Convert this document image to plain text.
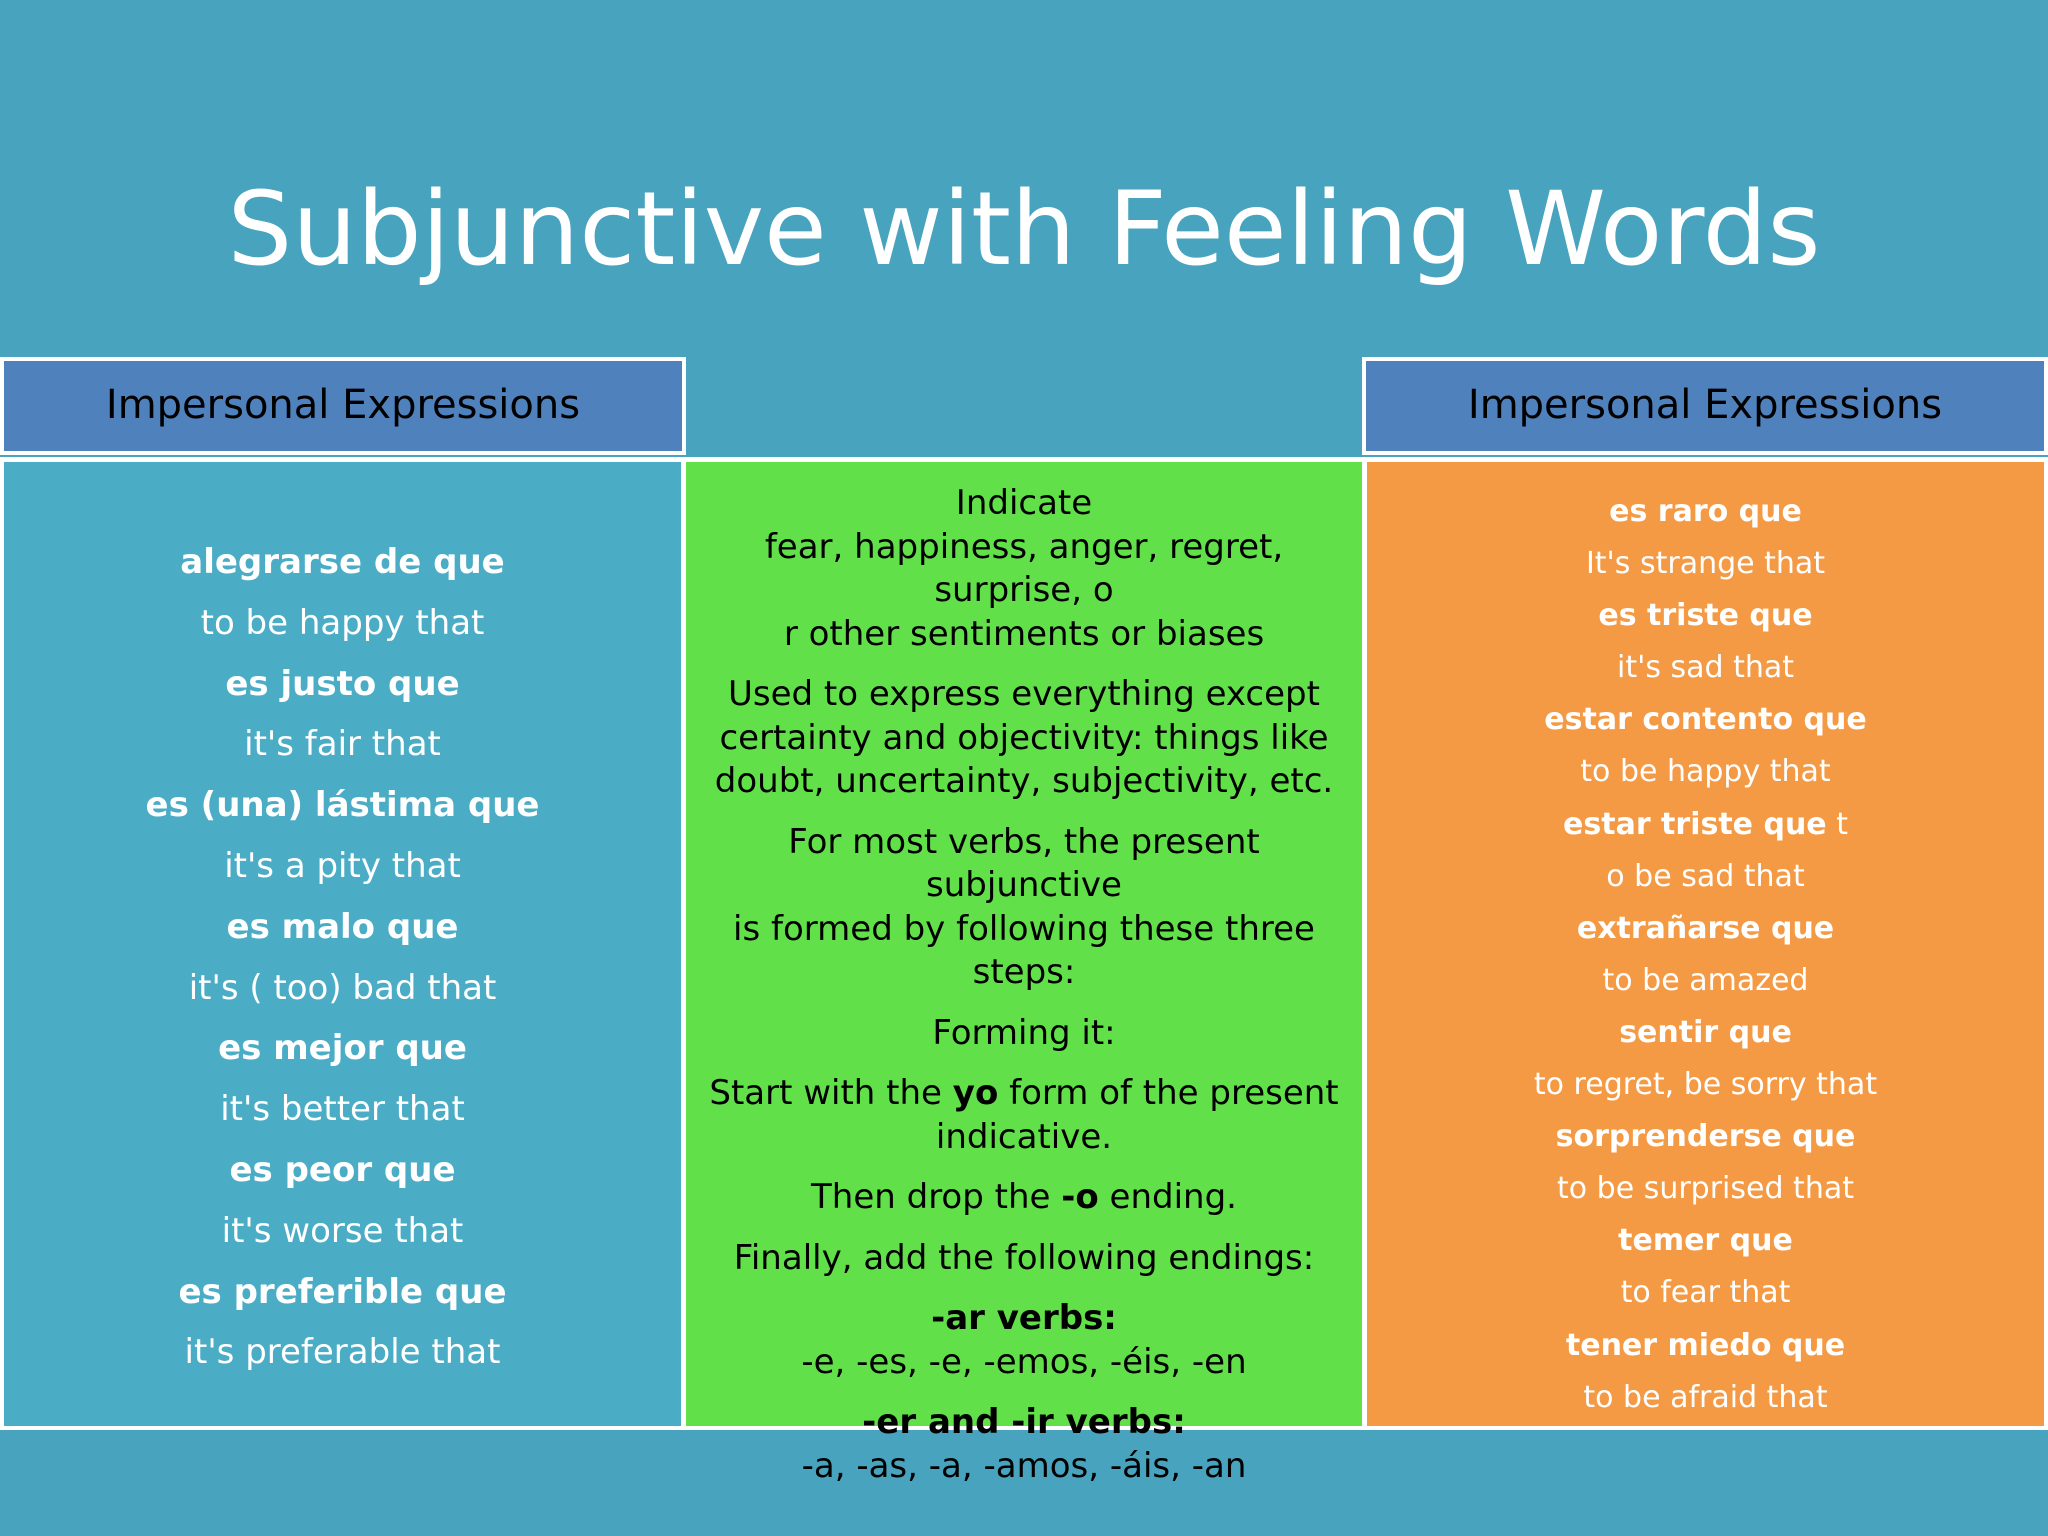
Subjunctive with Feeling Words
Impersonal Expressions	Impersonal Expressions
alegrarse de que
to be happy that
es justo que
it's fair that
es (una) lástima que
it's a pity that
es malo que
it's ( too) bad that
es mejor que
it's better that
es peor que
it's worse that
es preferible que
it's preferable that
Indicate
fear, happiness, anger, regret, surprise, o
r other sentiments or biases
Used to express everything except
certainty and objectivity: things like
doubt, uncertainty, subjectivity, etc.
For most verbs, the present subjunctive
is formed by following these three steps:
Forming it:
Start with the yo form of the present
indicative.
Then drop the -o ending.
Finally, add the following endings:
-ar verbs:
-e, -es, -e, -emos, -éis, -en
-er and -ir verbs:
-a, -as, -a, -amos, -áis, -an
es raro que
It's strange that
es triste que
it's sad that
estar contento que
to be happy that
estar triste que t
o be sad that
extrañarse que
to be amazed
sentir que
to regret, be sorry that
sorprenderse que
to be surprised that
temer que
to fear that
tener miedo que
to be afraid that
